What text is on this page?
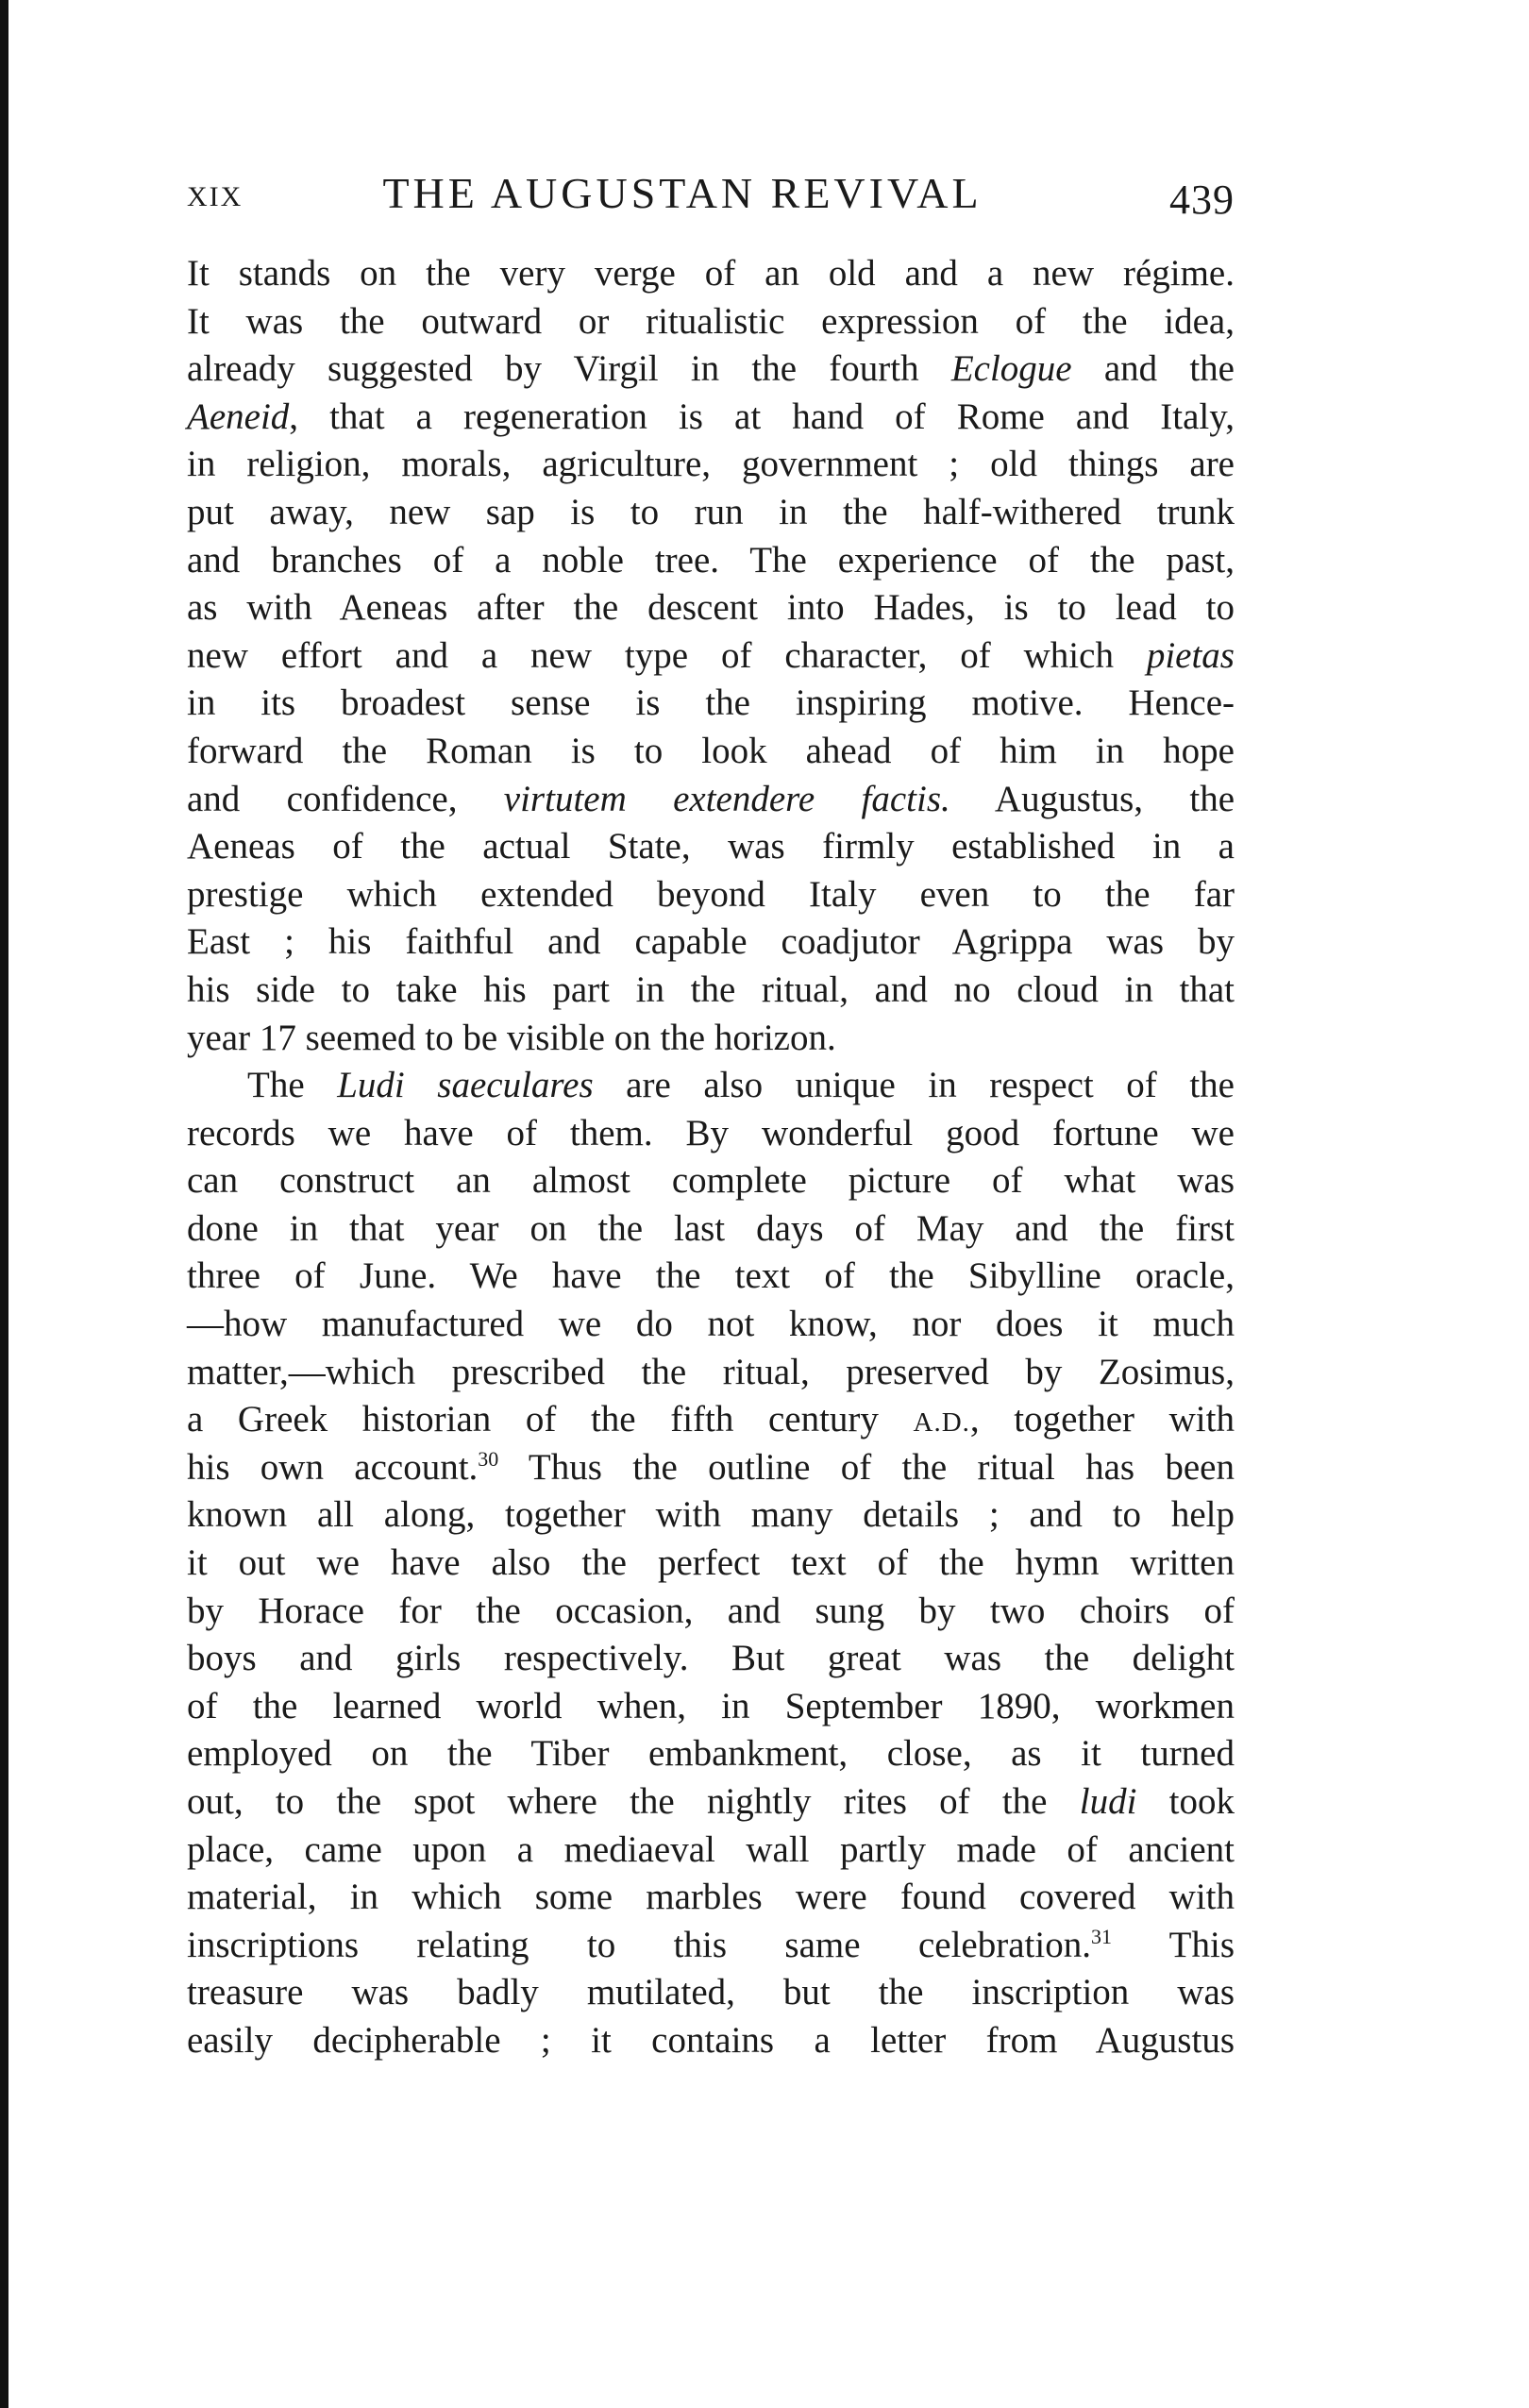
XIX	THE AUGUSTAN REVIVAL	439
It stands on the very verge of an old and a new régime.
It was the outward or ritualistic expression of the idea,
already suggested by Virgil in the fourth Eclogue and the
Aeneid, that a regeneration is at hand of Rome and Italy,
in religion, morals, agriculture, government ; old things are
put away, new sap is to run in the half-withered trunk
and branches of a noble tree. The experience of the past,
as with Aeneas after the descent into Hades, is to lead to
new effort and a new type of character, of which pietas
in its broadest sense is the inspiring motive. Hence-
forward the Roman is to look ahead of him in hope
and confidence, virtutem extendere factis. Augustus, the
Aeneas of the actual State, was firmly established in a
prestige which extended beyond Italy even to the far
East ; his faithful and capable coadjutor Agrippa was by
his side to take his part in the ritual, and no cloud in that
year 17 seemed to be visible on the horizon.
The Ludi saeculares are also unique in respect of the
records we have of them. By wonderful good fortune we
can construct an almost complete picture of what was
done in that year on the last days of May and the first
three of June. We have the text of the Sibylline oracle,
—how manufactured we do not know, nor does it much
matter,—which prescribed the ritual, preserved by Zosimus,
a Greek historian of the fifth century A.D., together with
his own account.$^{30}$ Thus the outline of the ritual has been
known all along, together with many details ; and to help
it out we have also the perfect text of the hymn written
by Horace for the occasion, and sung by two choirs of
boys and girls respectively. But great was the delight
of the learned world when, in September 1890, workmen
employed on the Tiber embankment, close, as it turned
out, to the spot where the nightly rites of the ludi took
place, came upon a mediaeval wall partly made of ancient
material, in which some marbles were found covered with
inscriptions relating to this same celebration.$^{31}$ This
treasure was badly mutilated, but the inscription was
easily decipherable ; it contains a letter from Augustus
